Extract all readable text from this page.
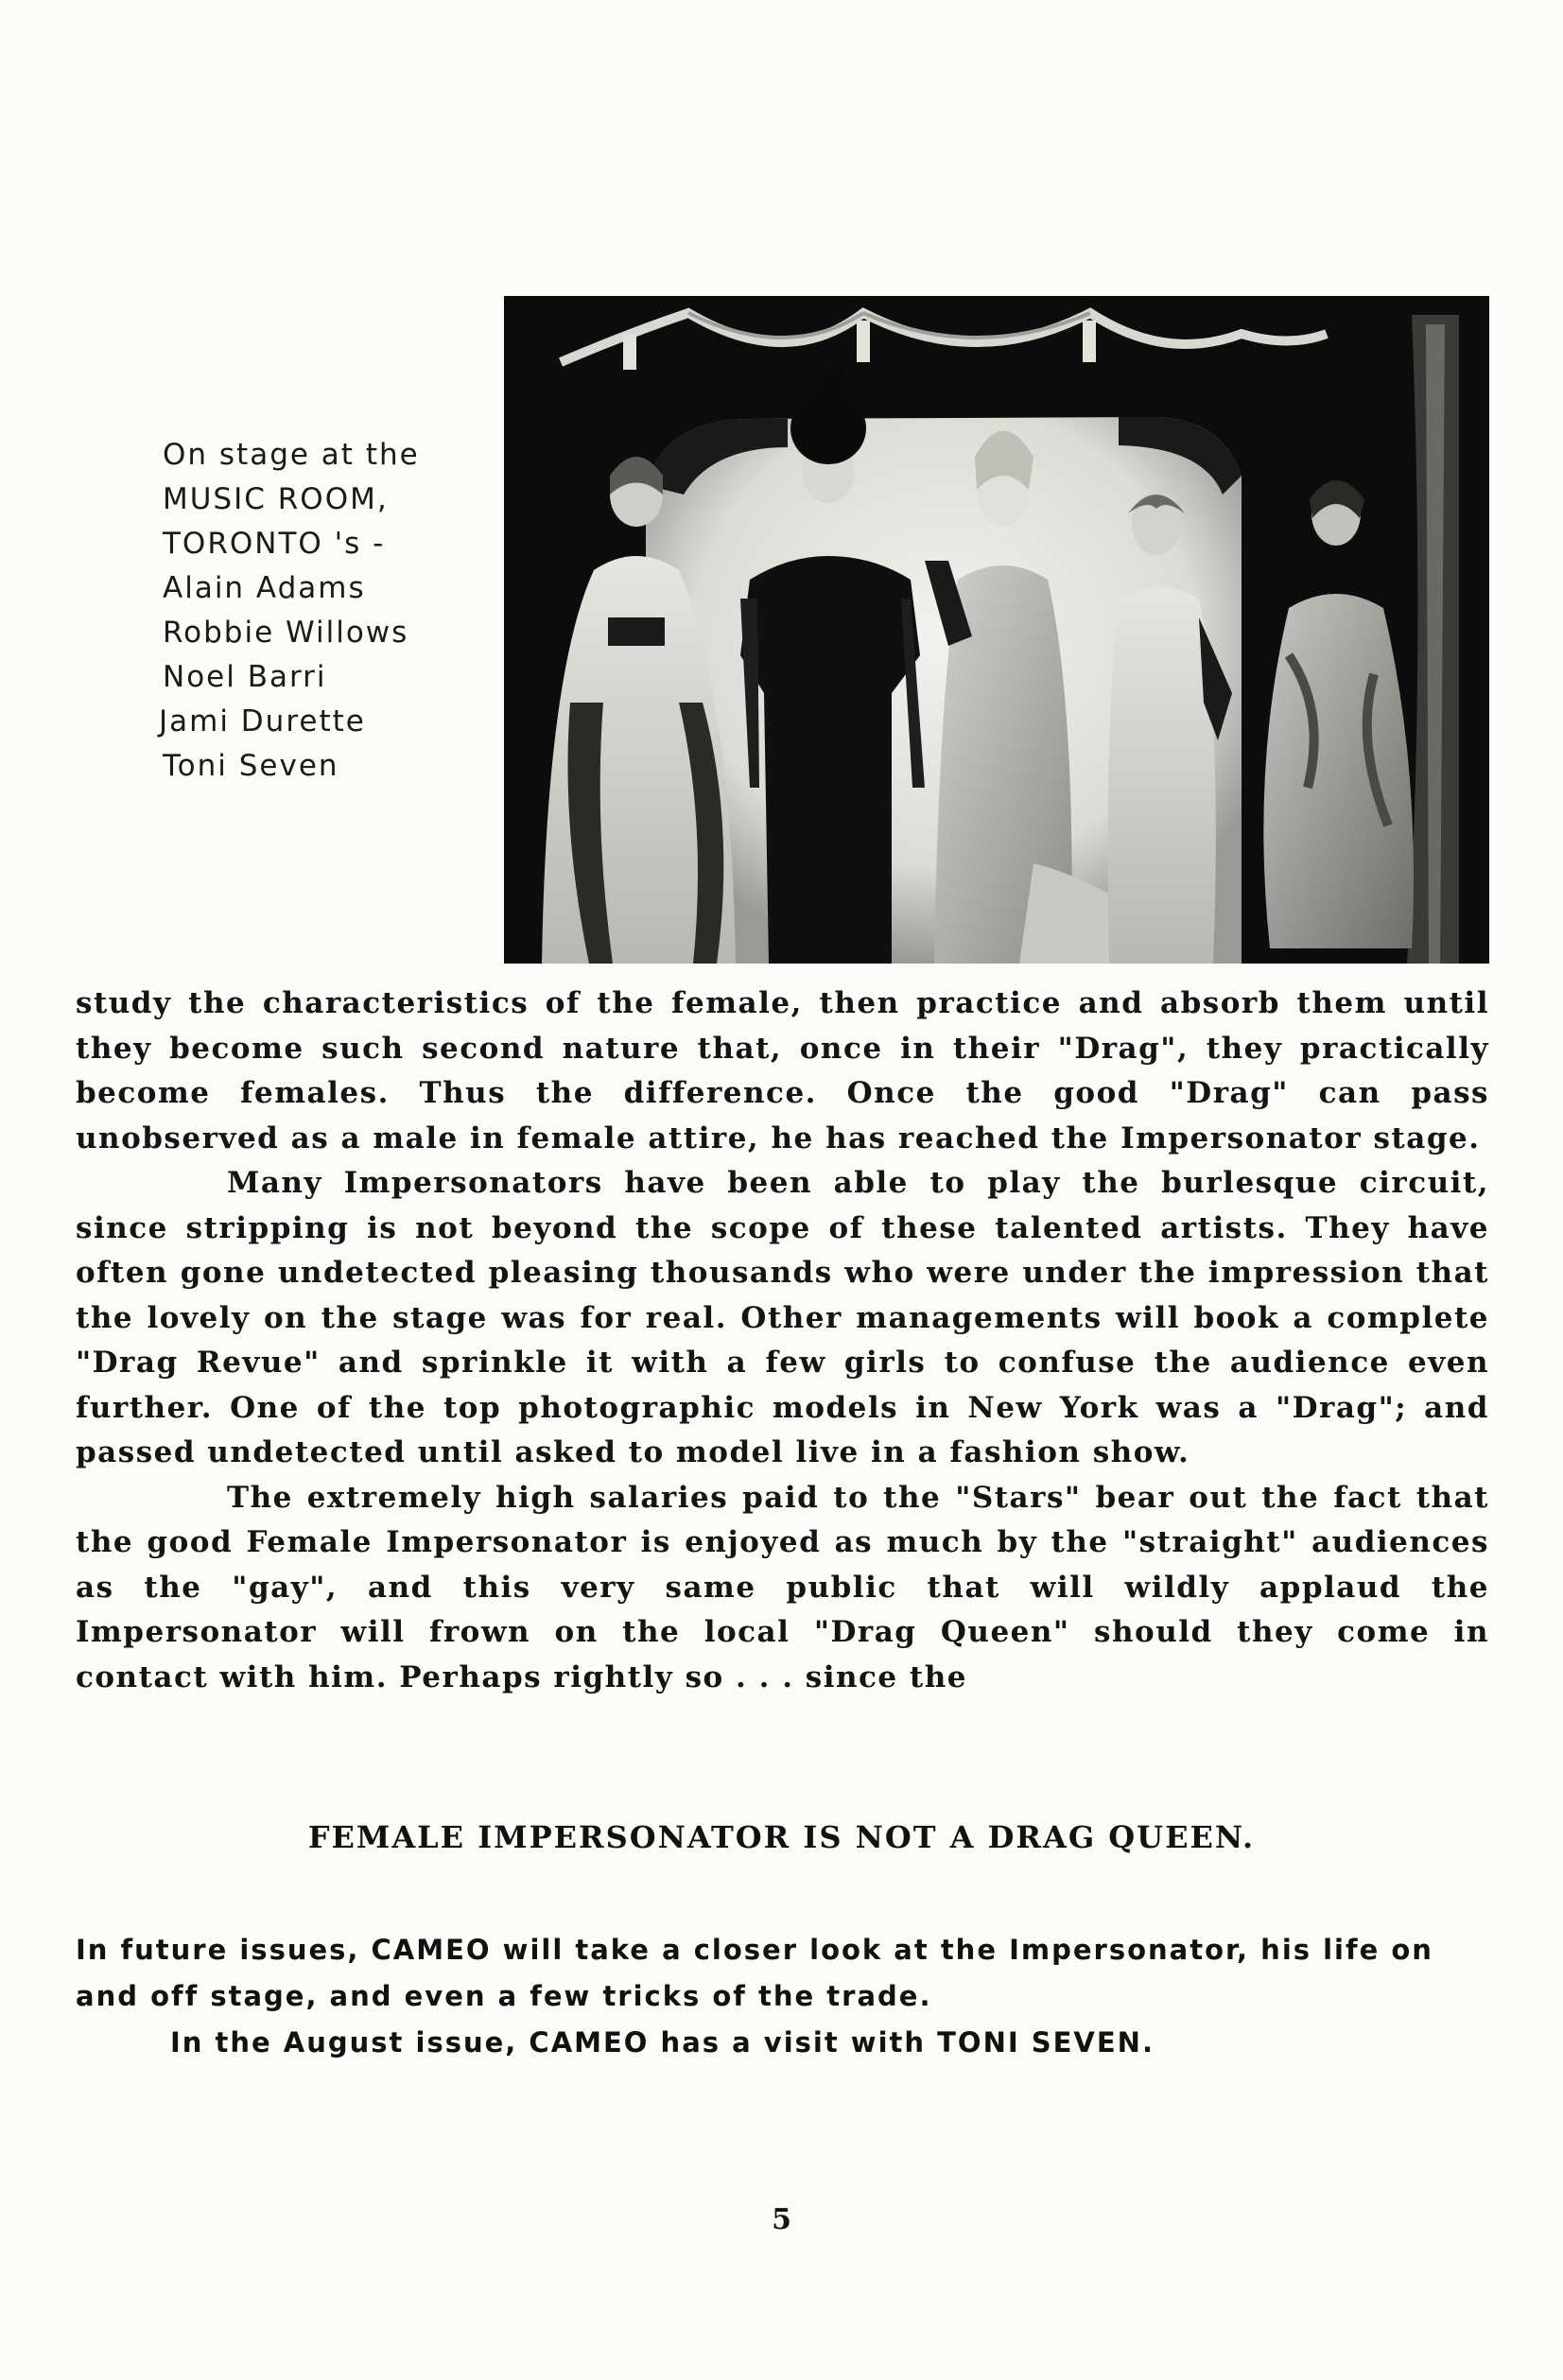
On stage at the
MUSIC ROOM,
TORONTO 's -
Alain Adams
Robbie Willows
Noel Barri
Jami Durette
Toni Seven

study the characteristics of the female, then practice and absorb them until they become such second nature that, once in their "Drag", they practically become females. Thus the difference. Once the good "Drag" can pass unobserved as a male in female attire, he has reached the Impersonator stage.

Many Impersonators have been able to play the burlesque circuit, since stripping is not beyond the scope of these talented artists. They have often gone undetected pleasing thousands who were under the impression that the lovely on the stage was for real. Other managements will book a complete "Drag Revue" and sprinkle it with a few girls to confuse the audience even further. One of the top photographic models in New York was a "Drag"; and passed undetected until asked to model live in a fashion show.

The extremely high salaries paid to the "Stars" bear out the fact that the good Female Impersonator is enjoyed as much by the "straight" audiences as the "gay", and this very same public that will wildly applaud the Impersonator will frown on the local "Drag Queen" should they come in contact with him. Perhaps rightly so . . . since the

FEMALE IMPERSONATOR IS NOT A DRAG QUEEN.

In future issues, CAMEO will take a closer look at the Impersonator, his life on and off stage, and even a few tricks of the trade.

In the August issue, CAMEO has a visit with TONI SEVEN.

5
